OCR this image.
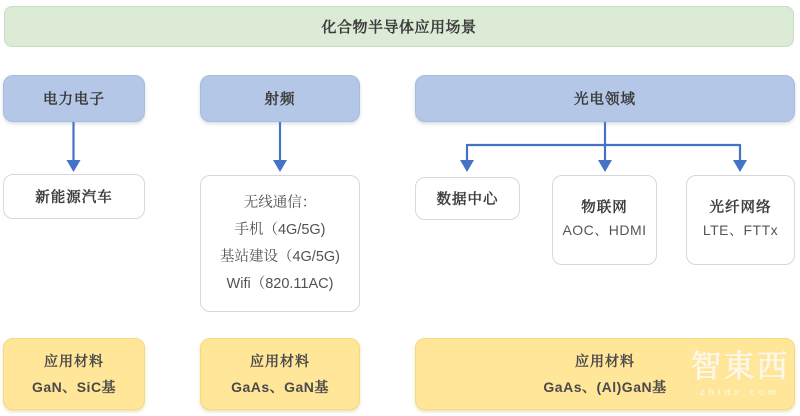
化合物半导体应用场景
电力电子	射频	光电领域
新能源汽车	无线通信：
手机（4G/5G)
基站建设（4G/5G)
Wifi（820.11AC)
数据中心	物联网
AOC、HDMI
光纤网络
LTE、FTTx
应用材料
GaN、SiC基
应用材料
GaAs、GaN基
应用材料
GaAs、(Al)GaN基
智東西
zhidx.com
